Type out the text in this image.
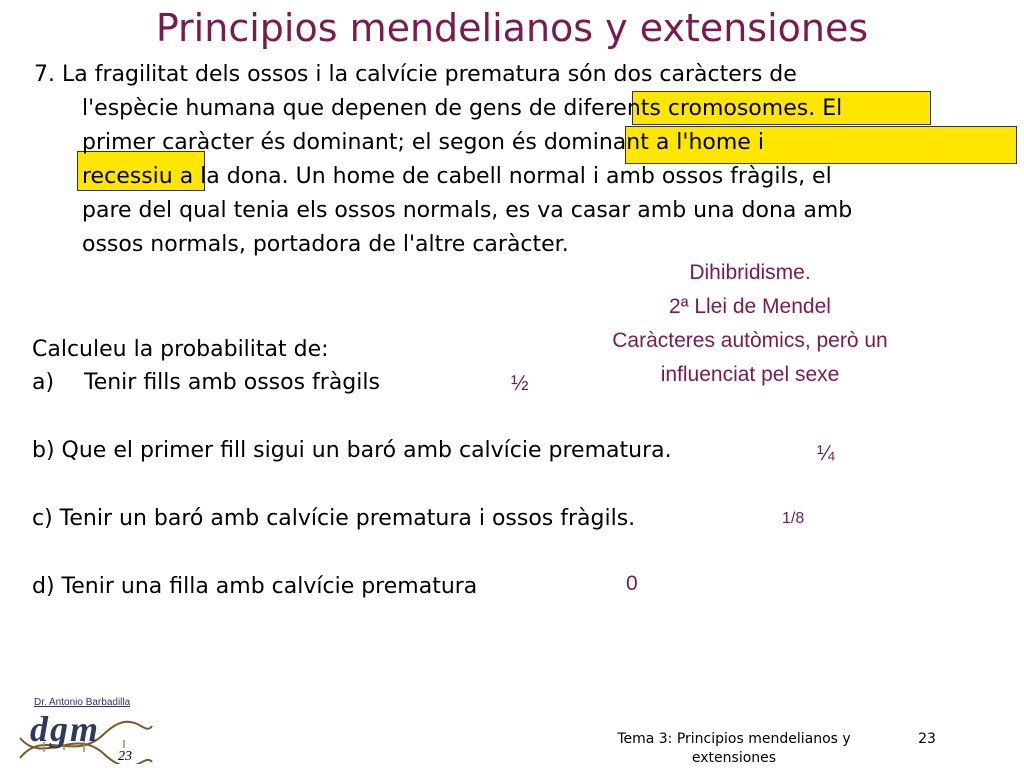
Principios mendelianos y extensiones
7. La fragilitat dels ossos i la calvície prematura són dos caràcters de
l'espècie humana que depenen de gens de diferents cromosomes. El
primer caràcter és dominant; el segon és dominant a l'home i
recessiu a la dona. Un home de cabell normal i amb ossos fràgils, el
pare del qual tenia els ossos normals, es va casar amb una dona amb
ossos normals, portadora de l'altre caràcter.
Dihibridisme.
2ª Llei de Mendel
Caràcteres autòmics, però un
influenciat pel sexe
Calculeu la probabilitat de:
a) Tenir fills amb ossos fràgils	½
b) Que el primer fill sigui un baró amb calvície prematura.	¼
c) Tenir un baró amb calvície prematura i ossos fràgils.	1/8
d) Tenir una filla amb calvície prematura	0
Dr. Antonio Barbadilla
dgm
23
Tema 3: Principios mendelianos y extensiones
23
